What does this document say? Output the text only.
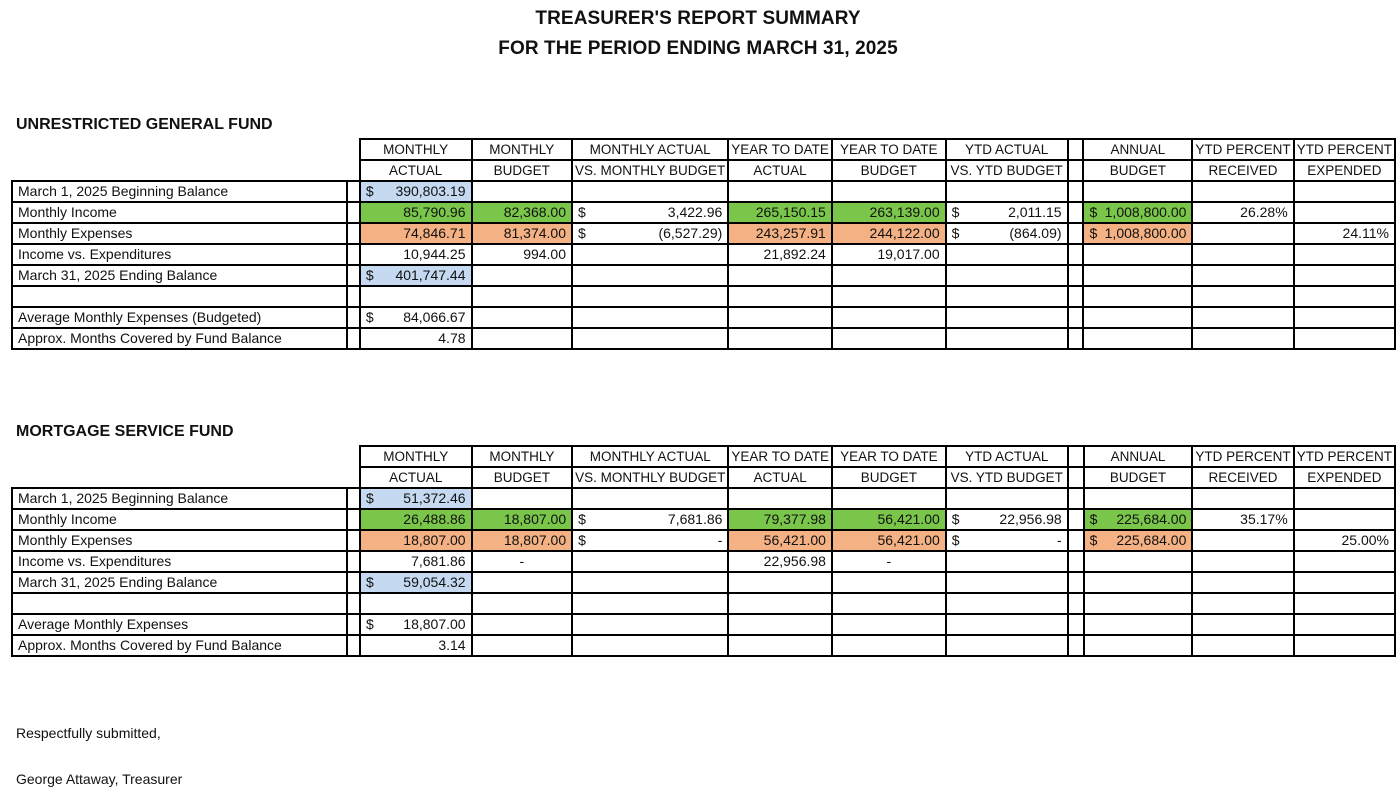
TREASURER'S REPORT SUMMARY
FOR THE PERIOD ENDING MARCH 31, 2025
UNRESTRICTED GENERAL FUND
		MONTHLY	MONTHLY	MONTHLY ACTUAL	YEAR TO DATE	YEAR TO DATE	YTD ACTUAL		ANNUAL	YTD PERCENT	YTD PERCENT
		ACTUAL	BUDGET	VS. MONTHLY BUDGET	ACTUAL	BUDGET	VS. YTD BUDGET		BUDGET	RECEIVED	EXPENDED
March 1, 2025 Beginning Balance		$ 390,803.19									

Monthly Income		85,790.96	82,368.00	$ 3,422.96	265,150.15	263,139.00	$ 2,011.15		$ 1,008,800.00	26.28%	
Monthly Expenses		74,846.71	81,374.00	$ (6,527.29)	243,257.91	244,122.00	$ (864.09)		$ 1,008,800.00		24.11%
Income vs. Expenditures		10,944.25	994.00		21,892.24	19,017.00					
March 31, 2025 Ending Balance		$ 401,747.44									

Average Monthly Expenses (Budgeted)		$ 84,066.67									

Approx. Months Covered by Fund Balance		4.78									
MORTGAGE SERVICE FUND
		MONTHLY	MONTHLY	MONTHLY ACTUAL	YEAR TO DATE	YEAR TO DATE	YTD ACTUAL		ANNUAL	YTD PERCENT	YTD PERCENT
		ACTUAL	BUDGET	VS. MONTHLY BUDGET	ACTUAL	BUDGET	VS. YTD BUDGET		BUDGET	RECEIVED	EXPENDED
March 1, 2025 Beginning Balance		$ 51,372.46									

Monthly Income		26,488.86	18,807.00	$ 7,681.86	79,377.98	56,421.00	$ 22,956.98		$ 225,684.00	35.17%	
Monthly Expenses		18,807.00	18,807.00	$ -	56,421.00	56,421.00	$ -		$ 225,684.00		25.00%
Income vs. Expenditures		7,681.86	-		22,956.98	-					
March 31, 2025 Ending Balance		$ 59,054.32									

Average Monthly Expenses		$ 18,807.00									

Approx. Months Covered by Fund Balance		3.14									
Respectfully submitted,
George Attaway, Treasurer
